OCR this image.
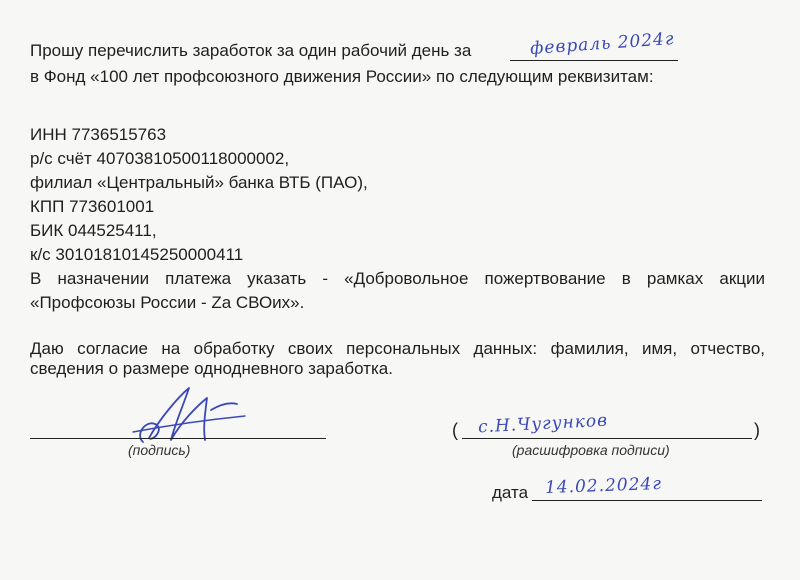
Прошу перечислить заработок за один рабочий день за	февраль 2024г
в Фонд «100 лет профсоюзного движения России» по следующим реквизитам:
ИНН 7736515763
р/с счёт 40703810500118000002,
филиал «Центральный» банка ВТБ (ПАО),
КПП 773601001
БИК 044525411,
к/с 30101810145250000411
В назначении платежа указать - «Добровольное пожертвование в рамках акции
«Профсоюзы России - Za СВОих».
Даю согласие на обработку своих персональных данных: фамилия, имя, отчество,
сведения о размере однодневного заработка.
(подпись)
(	)
с.Н.Чугунков
(расшифровка подписи)
дата 14.02.2024г
